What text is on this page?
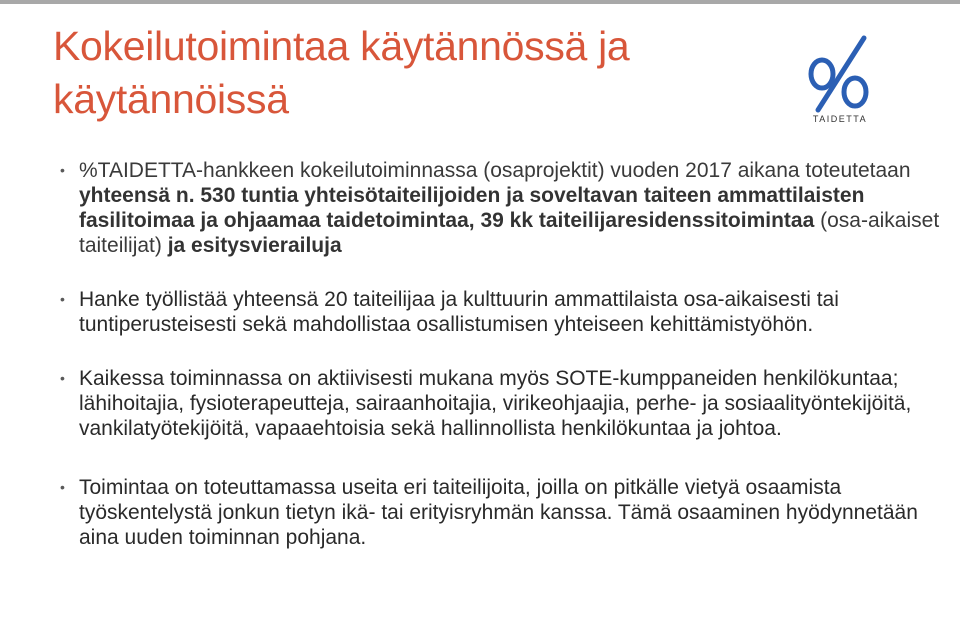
Kokeilutoimintaa käytännössä ja
käytännöissä	TAIDETTA
• %TAIDETTA-hankkeen kokeilutoiminnassa (osaprojektit) vuoden 2017 aikana toteutetaan yhteensä n. 530 tuntia yhteisötaiteilijoiden ja soveltavan taiteen ammattilaisten fasilitoimaa ja ohjaamaa taidetoimintaa, 39 kk taiteilijaresidenssitoimintaa (osa-aikaiset taiteilijat) ja esitysvierailuja
• Hanke työllistää yhteensä 20 taiteilijaa ja kulttuurin ammattilaista osa-aikaisesti tai tuntiperusteisesti sekä mahdollistaa osallistumisen yhteiseen kehittämistyöhön.
• Kaikessa toiminnassa on aktiivisesti mukana myös SOTE-kumppaneiden henkilökuntaa; lähihoitajia, fysioterapeutteja, sairaanhoitajia, virikeohjaajia, perhe- ja sosiaalityöntekijöitä, vankilatyötekijöitä, vapaaehtoisia sekä hallinnollista henkilökuntaa ja johtoa.
• Toimintaa on toteuttamassa useita eri taiteilijoita, joilla on pitkälle vietyä osaamista työskentelystä jonkun tietyn ikä- tai erityisryhmän kanssa. Tämä osaaminen hyödynnetään aina uuden toiminnan pohjana.
